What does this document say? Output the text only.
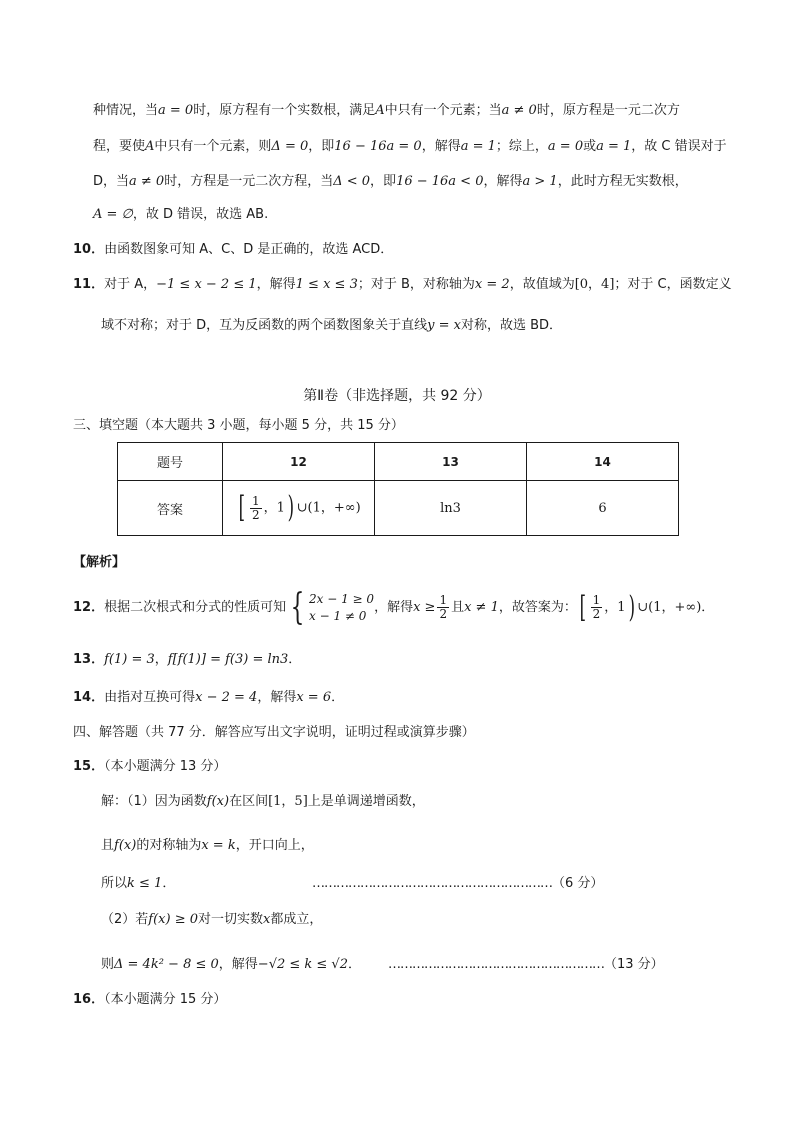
种情况，当a = 0时，原方程有一个实数根，满足A中只有一个元素；当a ≠ 0时，原方程是一元二次方
程，要使A中只有一个元素，则Δ = 0，即16 − 16a = 0，解得a = 1；综上，a = 0或a = 1，故 C 错误对于
D，当a ≠ 0时，方程是一元二次方程，当Δ < 0，即16 − 16a < 0，解得a > 1，此时方程无实数根，
A = ∅，故 D 错误，故选 AB.
10．由函数图象可知 A、C、D 是正确的，故选 ACD．
11．对于 A，−1 ≤ x − 2 ≤ 1，解得1 ≤ x ≤ 3；对于 B，对称轴为x = 2，故值域为[0，4]；对于 C，函数定义
域不对称；对于 D，互为反函数的两个函数图象关于直线y = x对称，故选 BD．
第Ⅱ卷（非选择题，共 92 分）
三、填空题（本大题共 3 小题，每小题 5 分，共 15 分）
题号	12	13	14
答案	[ $\frac{1}{2}$ ，1) ∪(1，+∞)	ln3	6
【解析】
12．根据二次根式和分式的性质可知 { 2x − 1 ≥ 0
x − 1 ≠ 0
，解得$x \ge \frac{1}{2}$ 且x ≠ 1，故答案为：[ $\frac{1}{2}$ ，1) ∪(1，+∞)．
13．f(1) = 3，f[f(1)] = f(3) = ln3．
14．由指对互换可得x − 2 = 4，解得x = 6．
四、解答题（共 77 分．解答应写出文字说明，证明过程或演算步骤）
15．（本小题满分 13 分）
解：（1）因为函数f(x)在区间[1，5]上是单调递增函数，
且f(x)的对称轴为x = k，开口向上，
所以k ≤ 1．	……………………………………………………（6 分）
（2）若f(x) ≥ 0对一切实数x都成立，
则Δ = 4k² − 8 ≤ 0，解得−√2 ≤ k ≤ √2． ………………………………………………（13 分）
16．（本小题满分 15 分）
